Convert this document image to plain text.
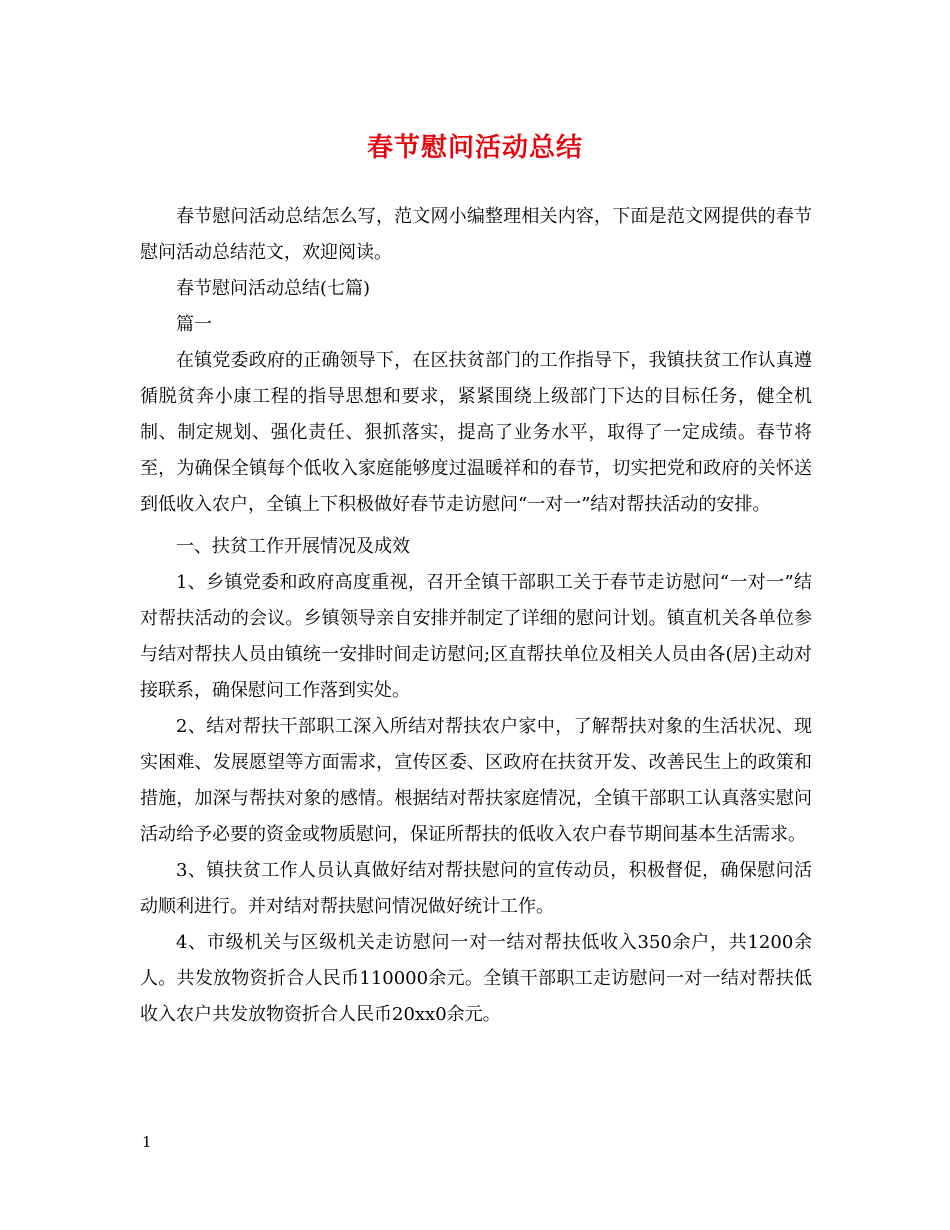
春节慰问活动总结

春节慰问活动总结怎么写，范文网小编整理相关内容，下面是范文网提供的春节慰问活动总结范文，欢迎阅读。

春节慰问活动总结(七篇)

篇一

在镇党委政府的正确领导下，在区扶贫部门的工作指导下，我镇扶贫工作认真遵循脱贫奔小康工程的指导思想和要求，紧紧围绕上级部门下达的目标任务，健全机制、制定规划、强化责任、狠抓落实，提高了业务水平，取得了一定成绩。春节将至，为确保全镇每个低收入家庭能够度过温暖祥和的春节，切实把党和政府的关怀送到低收入农户，全镇上下积极做好春节走访慰问“一对一”结对帮扶活动的安排。

一、扶贫工作开展情况及成效

1、乡镇党委和政府高度重视，召开全镇干部职工关于春节走访慰问“一对一”结对帮扶活动的会议。乡镇领导亲自安排并制定了详细的慰问计划。镇直机关各单位参与结对帮扶人员由镇统一安排时间走访慰问;区直帮扶单位及相关人员由各(居)主动对接联系，确保慰问工作落到实处。

2、结对帮扶干部职工深入所结对帮扶农户家中，了解帮扶对象的生活状况、现实困难、发展愿望等方面需求，宣传区委、区政府在扶贫开发、改善民生上的政策和措施，加深与帮扶对象的感情。根据结对帮扶家庭情况，全镇干部职工认真落实慰问活动给予必要的资金或物质慰问，保证所帮扶的低收入农户春节期间基本生活需求。

3、镇扶贫工作人员认真做好结对帮扶慰问的宣传动员，积极督促，确保慰问活动顺利进行。并对结对帮扶慰问情况做好统计工作。

4、市级机关与区级机关走访慰问一对一结对帮扶低收入350余户，共1200余人。共发放物资折合人民币110000余元。全镇干部职工走访慰问一对一结对帮扶低收入农户共发放物资折合人民币20xx0余元。

1
